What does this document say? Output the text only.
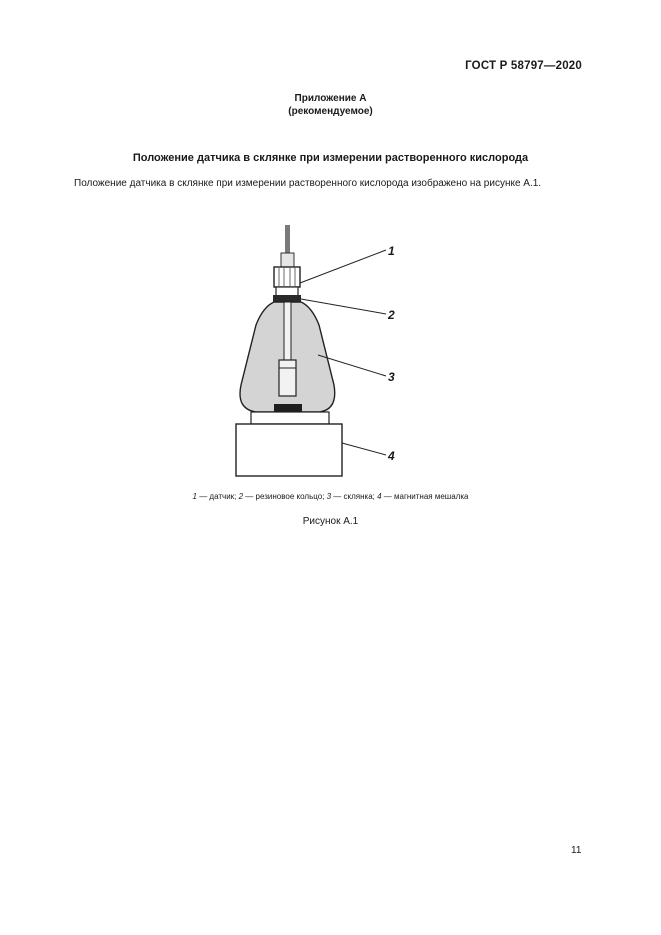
ГОСТ Р 58797—2020
Приложение А
(рекомендуемое)
Положение датчика в склянке при измерении растворенного кислорода
Положение датчика в склянке при измерении растворенного кислорода изображено на рисунке А.1.
1
2
3
4
1 — датчик; 2 — резиновое кольцо; 3 — склянка; 4 — магнитная мешалка
Рисунок А.1
11
